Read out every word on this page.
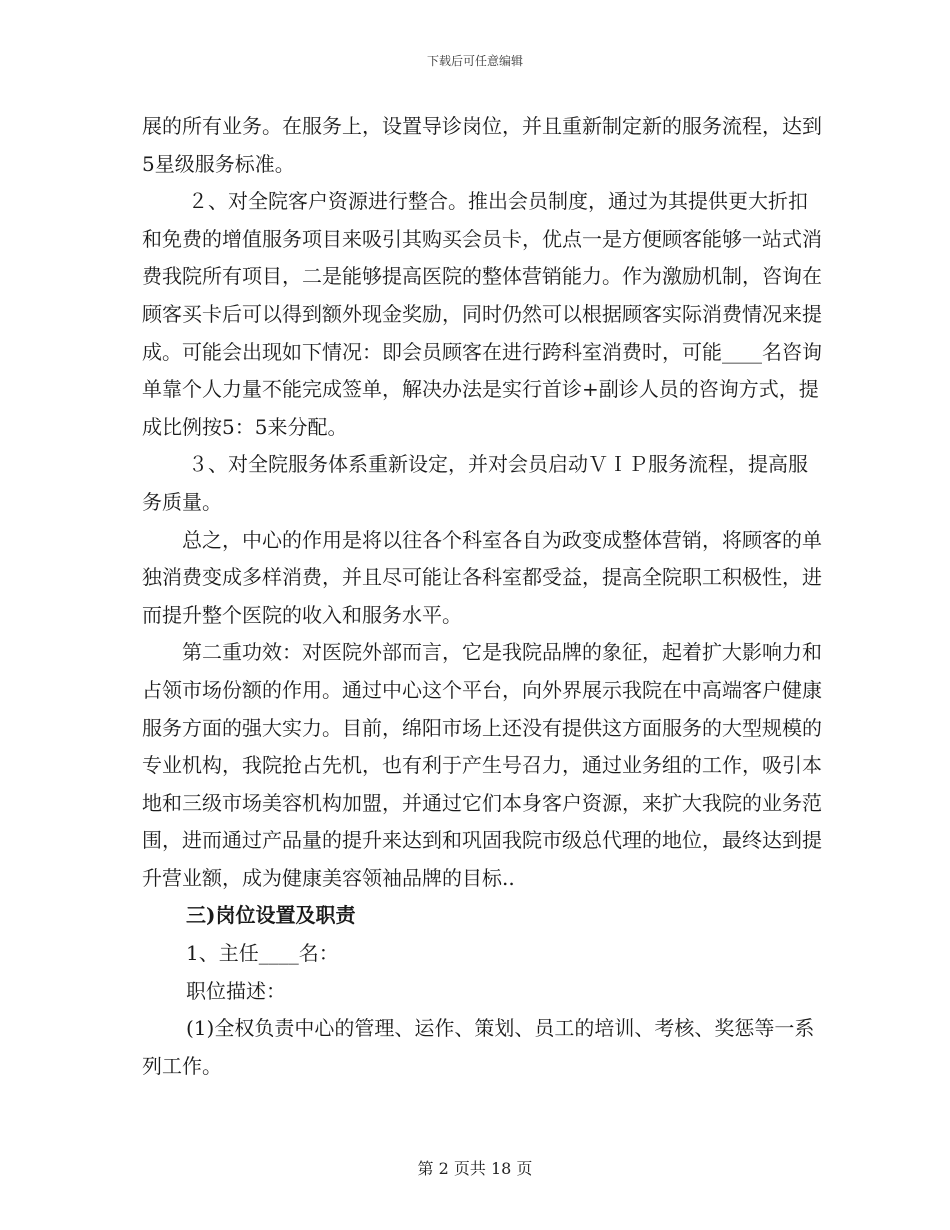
下载后可任意编辑

展的所有业务。在服务上，设置导诊岗位，并且重新制定新的服务流程，达到5星级服务标准。

２、对全院客户资源进行整合。推出会员制度，通过为其提供更大折扣和免费的增值服务项目来吸引其购买会员卡，优点一是方便顾客能够一站式消费我院所有项目，二是能够提高医院的整体营销能力。作为激励机制，咨询在顾客买卡后可以得到额外现金奖励，同时仍然可以根据顾客实际消费情况来提成。可能会出现如下情况：即会员顾客在进行跨科室消费时，可能____名咨询单靠个人力量不能完成签单，解决办法是实行首诊+副诊人员的咨询方式，提成比例按5：5来分配。

３、对全院服务体系重新设定，并对会员启动ＶＩＰ服务流程，提高服务质量。

总之，中心的作用是将以往各个科室各自为政变成整体营销，将顾客的单独消费变成多样消费，并且尽可能让各科室都受益，提高全院职工积极性，进而提升整个医院的收入和服务水平。

第二重功效：对医院外部而言，它是我院品牌的象征，起着扩大影响力和占领市场份额的作用。通过中心这个平台，向外界展示我院在中高端客户健康服务方面的强大实力。目前，绵阳市场上还没有提供这方面服务的大型规模的专业机构，我院抢占先机，也有利于产生号召力，通过业务组的工作，吸引本地和三级市场美容机构加盟，并通过它们本身客户资源，来扩大我院的业务范围，进而通过产品量的提升来达到和巩固我院市级总代理的地位，最终达到提升营业额，成为健康美容领袖品牌的目标..

三)岗位设置及职责

1、主任____名：

职位描述：

(1)全权负责中心的管理、运作、策划、员工的培训、考核、奖惩等一系列工作。

第 2 页共 18 页
